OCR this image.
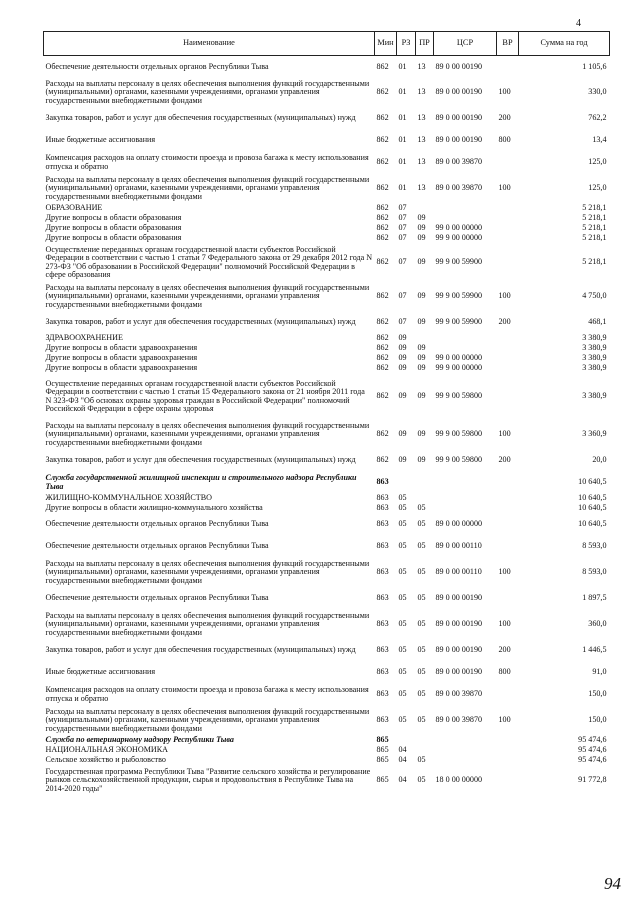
4
Наименование	Мин	РЗ	ПР	ЦСР	ВР	Сумма на год
Обеспечение деятельности отдельных органов Республики Тыва	862	01	13	89 0 00 00190		1 105,6
Расходы на выплаты персоналу в целях обеспечения выполнения функций государственными (муниципальными) органами, казенными учреждениями, органами управления государственными внебюджетными фондами	862	01	13	89 0 00 00190	100	330,0
Закупка товаров, работ и услуг для обеспечения государственных (муниципальных) нужд	862	01	13	89 0 00 00190	200	762,2
Иные бюджетные ассигнования	862	01	13	89 0 00 00190	800	13,4
Компенсация расходов на оплату стоимости проезда и провоза багажа к месту использования отпуска и обратно	862	01	13	89 0 00 39870		125,0
Расходы на выплаты персоналу в целях обеспечения выполнения функций государственными (муниципальными) органами, казенными учреждениями, органами управления государственными внебюджетными фондами	862	01	13	89 0 00 39870	100	125,0
ОБРАЗОВАНИЕ	862	07				5 218,1
Другие вопросы в области образования	862	07	09			5 218,1
Другие вопросы в области образования	862	07	09	99 0 00 00000		5 218,1
Другие вопросы в области образования	862	07	09	99 9 00 00000		5 218,1
Осуществление переданных органам государственной власти субъектов Российской Федерации в соответствии с частью 1 статьи 7 Федерального закона от 29 декабря 2012 года N 273-ФЗ "Об образовании в Российской Федерации" полномочий Российской Федерации в сфере образования	862	07	09	99 9 00 59900		5 218,1
Расходы на выплаты персоналу в целях обеспечения выполнения функций государственными (муниципальными) органами, казенными учреждениями, органами управления государственными внебюджетными фондами	862	07	09	99 9 00 59900	100	4 750,0
Закупка товаров, работ и услуг для обеспечения государственных (муниципальных) нужд	862	07	09	99 9 00 59900	200	468,1
ЗДРАВООХРАНЕНИЕ	862	09				3 380,9
Другие вопросы в области здравоохранения	862	09	09			3 380,9
Другие вопросы в области здравоохранения	862	09	09	99 0 00 00000		3 380,9
Другие вопросы в области здравоохранения	862	09	09	99 9 00 00000		3 380,9
Осуществление переданных органам государственной власти субъектов Российской Федерации в соответствии с частью 1 статьи 15 Федерального закона от 21 ноября 2011 года N 323-ФЗ "Об основах охраны здоровья граждан в Российской Федерации" полномочий Российской Федерации в сфере охраны здоровья	862	09	09	99 9 00 59800		3 380,9
Расходы на выплаты персоналу в целях обеспечения выполнения функций государственными (муниципальными) органами, казенными учреждениями, органами управления государственными внебюджетными фондами	862	09	09	99 9 00 59800	100	3 360,9
Закупка товаров, работ и услуг для обеспечения государственных (муниципальных) нужд	862	09	09	99 9 00 59800	200	20,0
Служба государственной жилищной инспекции и строительного надзора Республики Тыва	863					10 640,5
ЖИЛИЩНО-КОММУНАЛЬНОЕ ХОЗЯЙСТВО	863	05				10 640,5
Другие вопросы в области жилищно-коммунального хозяйства	863	05	05			10 640,5
Обеспечение деятельности отдельных органов Республики Тыва	863	05	05	89 0 00 00000		10 640,5
Обеспечение деятельности отдельных органов Республики Тыва	863	05	05	89 0 00 00110		8 593,0
Расходы на выплаты персоналу в целях обеспечения выполнения функций государственными (муниципальными) органами, казенными учреждениями, органами управления государственными внебюджетными фондами	863	05	05	89 0 00 00110	100	8 593,0
Обеспечение деятельности отдельных органов Республики Тыва	863	05	05	89 0 00 00190		1 897,5
Расходы на выплаты персоналу в целях обеспечения выполнения функций государственными (муниципальными) органами, казенными учреждениями, органами управления государственными внебюджетными фондами	863	05	05	89 0 00 00190	100	360,0
Закупка товаров, работ и услуг для обеспечения государственных (муниципальных) нужд	863	05	05	89 0 00 00190	200	1 446,5
Иные бюджетные ассигнования	863	05	05	89 0 00 00190	800	91,0
Компенсация расходов на оплату стоимости проезда и провоза багажа к месту использования отпуска и обратно	863	05	05	89 0 00 39870		150,0
Расходы на выплаты персоналу в целях обеспечения выполнения функций государственными (муниципальными) органами, казенными учреждениями, органами управления государственными внебюджетными фондами	863	05	05	89 0 00 39870	100	150,0
Служба по ветеринарному надзору Республики Тыва	865					95 474,6
НАЦИОНАЛЬНАЯ ЭКОНОМИКА	865	04				95 474,6
Сельское хозяйство и рыболовство	865	04	05			95 474,6
Государственная программа Республики Тыва "Развитие сельского хозяйства и регулирование рынков сельскохозяйственной продукции, сырья и продовольствия в Республике Тыва на 2014-2020 годы"	865	04	05	18 0 00 00000		91 772,8
94
